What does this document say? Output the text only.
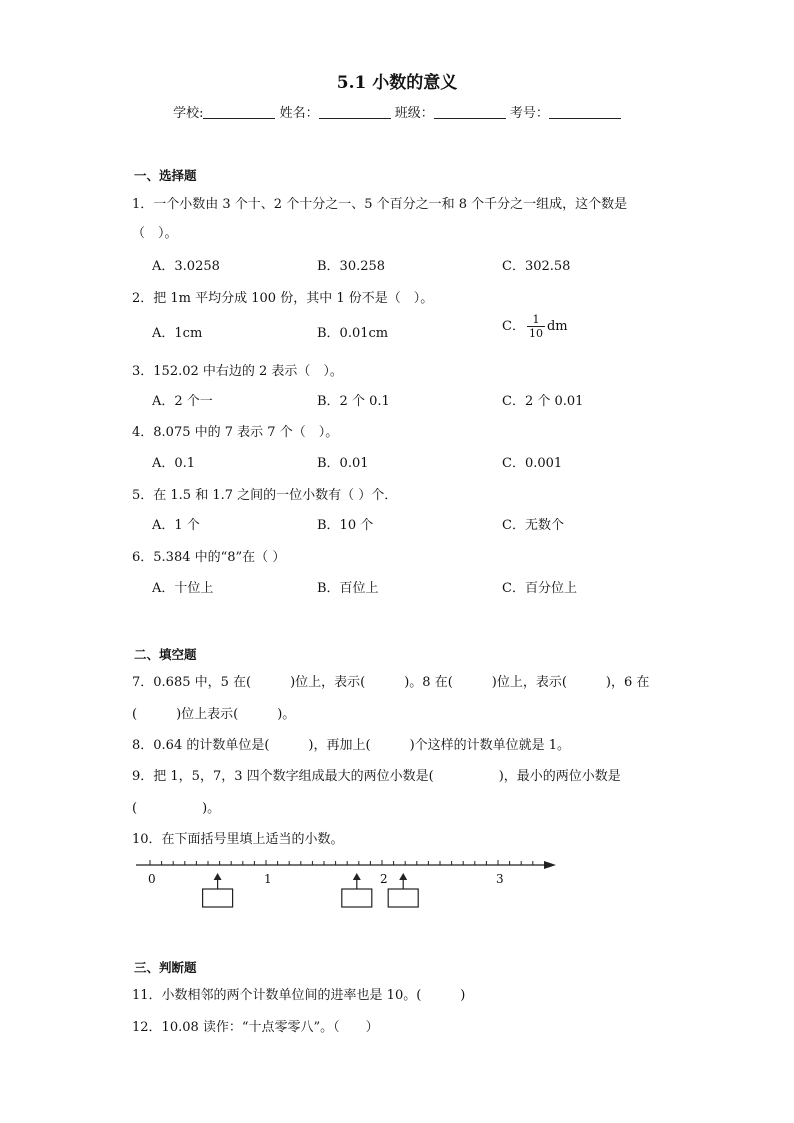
5.1 小数的意义
学校:	姓名：	班级：	考号：
一、选择题
1．一个小数由 3 个十、2 个十分之一、5 个百分之一和 8 个千分之一组成，这个数是
（　）。
A．3.0258	B．30.258	C．302.58
2．把 1m 平均分成 100 份，其中 1 份不是（　）。
A．1cm	B．0.01cm	C． $\frac{1}{10}$ dm
3．152.02 中右边的 2 表示（　）。
A．2 个一	B．2 个 0.1	C．2 个 0.01
4．8.075 中的 7 表示 7 个（　）。
A．0.1	B．0.01	C．0.001
5．在 1.5 和 1.7 之间的一位小数有（ ）个．
A．1 个	B．10 个	C．无数个
6．5.384 中的“8”在（ ）
A．十位上	B．百位上	C．百分位上
二、填空题
7．0.685 中，5 在(　　　)位上，表示(　　　)。8 在(　　　)位上，表示(　　　)，6 在
(　　　)位上表示(　　　)。
8．0.64 的计数单位是(　　　)，再加上(　　　)个这样的计数单位就是 1。
9．把 1，5，7，3 四个数字组成最大的两位小数是(　　　　　)，最小的两位小数是
(　　　　　)。
10．在下面括号里填上适当的小数。
0	1	2	3
三、判断题
11．小数相邻的两个计数单位间的进率也是 10。(　　　)
12．10.08 读作：“十点零零八”。（　　）
